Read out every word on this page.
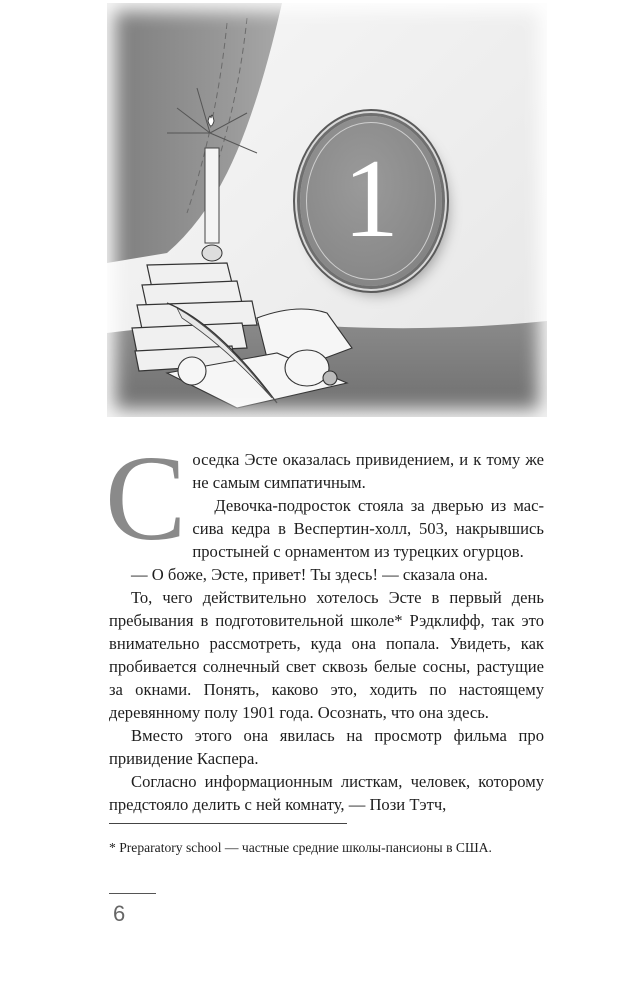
1
С оседка Эсте оказалась привидением, и к тому же не самым симпатичным.

Девочка-подросток стояла за дверью из массива кедра в Веспертин-холл, 503, накрывшись простыней с орнаментом из турецких огурцов.

— О боже, Эсте, привет! Ты здесь! — сказала она.

То, чего действительно хотелось Эсте в первый день пребывания в подготовительной школе* Рэдклифф, так это внимательно рассмотреть, куда она попала. Увидеть, как пробивается солнечный свет сквозь белые сосны, растущие за окнами. Понять, каково это, ходить по настоящему деревянному полу 1901 года. Осознать, что она здесь.

Вместо этого она явилась на просмотр фильма про привидение Каспера.

Согласно информационным листкам, человек, которому предстояло делить с ней комнату, — Пози Тэтч,

* Preparatory school — частные средние школы-пансионы в США.

6
